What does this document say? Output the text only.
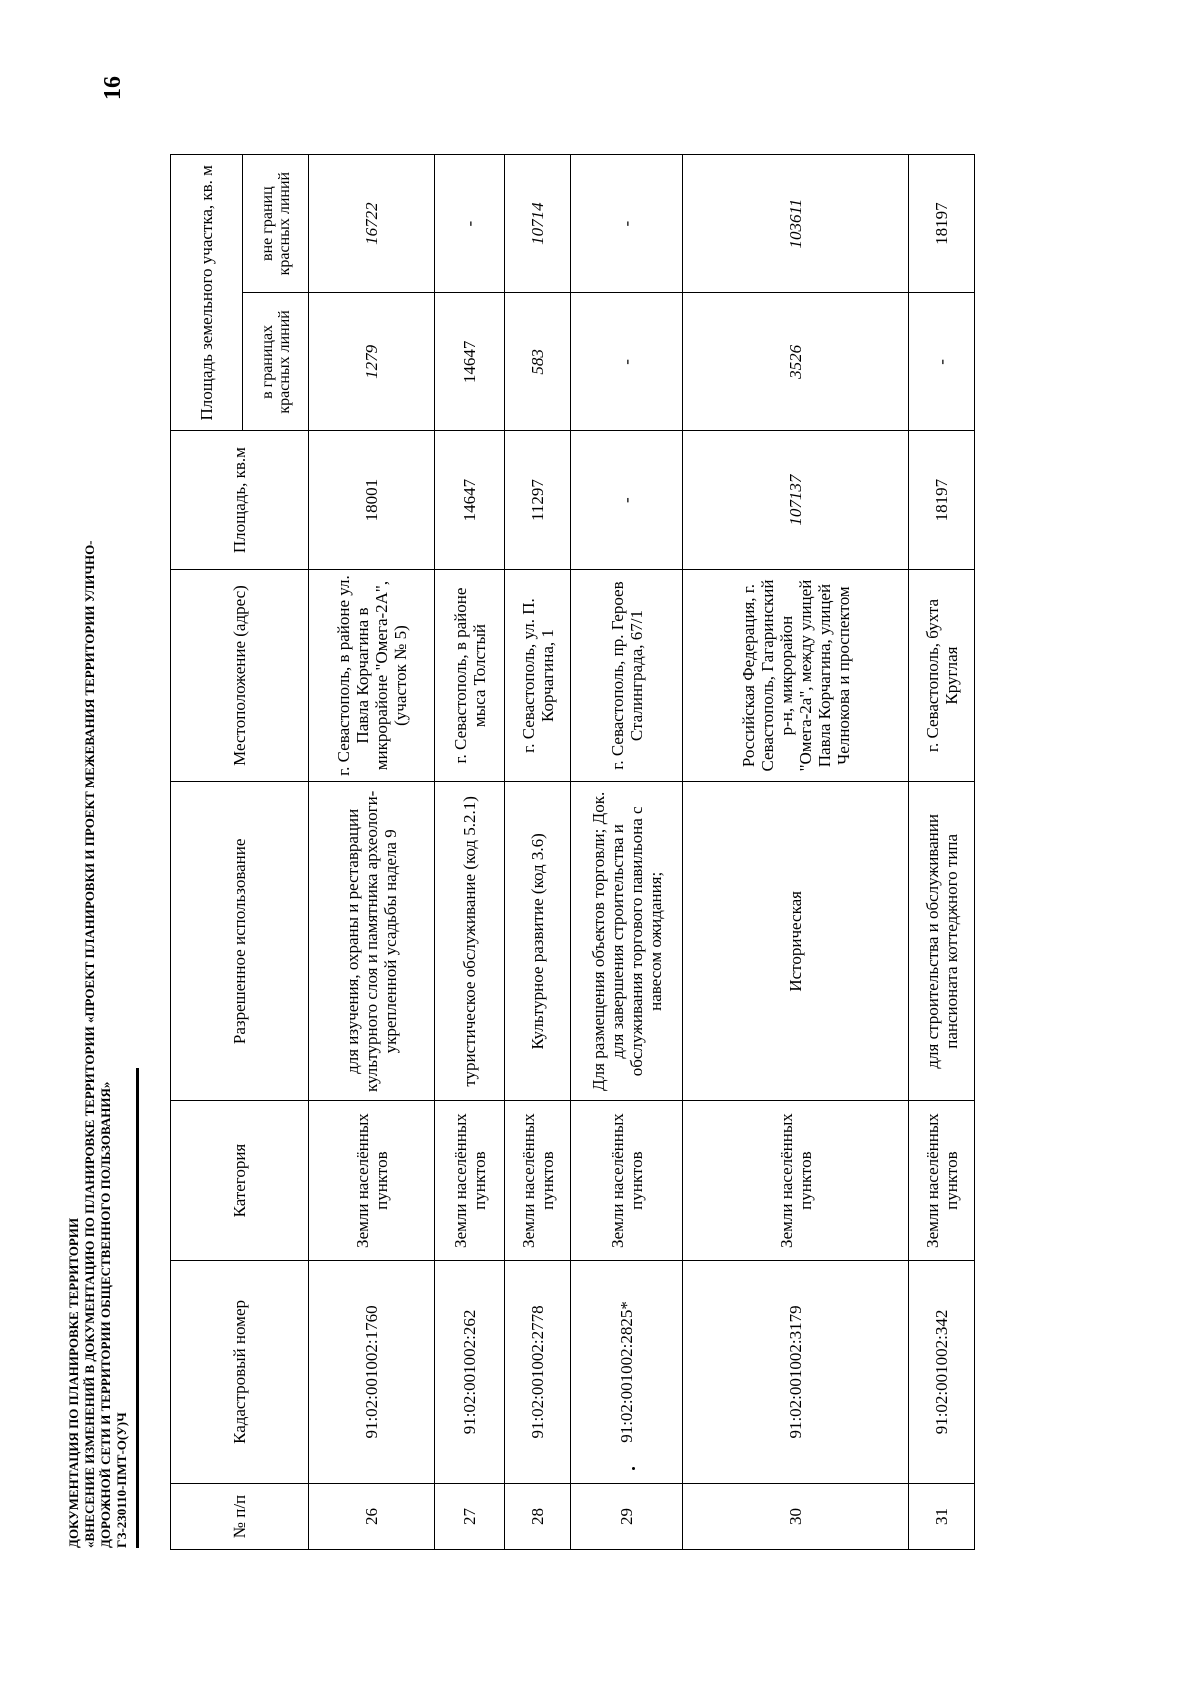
16
ДОКУМЕНТАЦИЯ ПО ПЛАНИРОВКЕ ТЕРРИТОРИИ «ВНЕСЕНИЕ ИЗМЕНЕНИЙ В ДОКУМЕНТАЦИЮ ПО ПЛАНИРОВКЕ ТЕРРИТОРИИ «ПРОЕКТ ПЛАНИРОВКИ И ПРОЕКТ МЕЖЕВАНИЯ ТЕРРИТОРИИ УЛИЧНО- ДОРОЖНОЙ СЕТИ И ТЕРРИТОРИИ ОБЩЕСТВЕННОГО ПОЛЬЗОВАНИЯ» ГЗ-230110-ПМТ-О(У)Ч	№ п/п	Кадастровый номер	Категория	Разрешенное использование	Местоположение (адрес)	Площадь, кв.м	Площадь земельного участка, кв. м	
						в границах красных линий	вне границ красных линий
26	91:02:001002:1760	Земли населённых пунктов	для изучения, охраны и реставрации культурного слоя и памятника археологи-укрепленной усадьбы надела 9	г. Севастополь, в районе ул. Павла Корчагина в микрорайоне "Омега-2А", (участок № 5)	18001	1279	16722
27	91:02:001002:262	Земли населённых пунктов	туристическое обслуживание (код 5.2.1)	г. Севастополь, в районе мыса Толстый	14647	14647	-
28	91:02:001002:2778	Земли населённых пунктов	Культурное развитие (код 3.6)	г. Севастополь, ул. П. Корчагина, 1	11297	583	10714
29	91:02:001002:2825*	Земли населённых пунктов	Для размещения объектов торговли; Док. для завершения строительства и обслуживания торгового павильона с навесом ожидания;	г. Севастополь, пр. Героев Сталинграда, 67/1	-	-	-
30	91:02:001002:3179	Земли населённых пунктов	Историческая	Российская Федерация, г. Севастополь, Гагаринский р-н, микрорайон "Омега-2а", между улицей Павла Корчагина, улицей Челнокова и проспектом	107137	3526	103611
31	91:02:001002:342	Земли населённых пунктов	для строительства и обслуживании пансионата коттеджного типа	г. Севастополь, бухта Круглая	18197	-	18197
